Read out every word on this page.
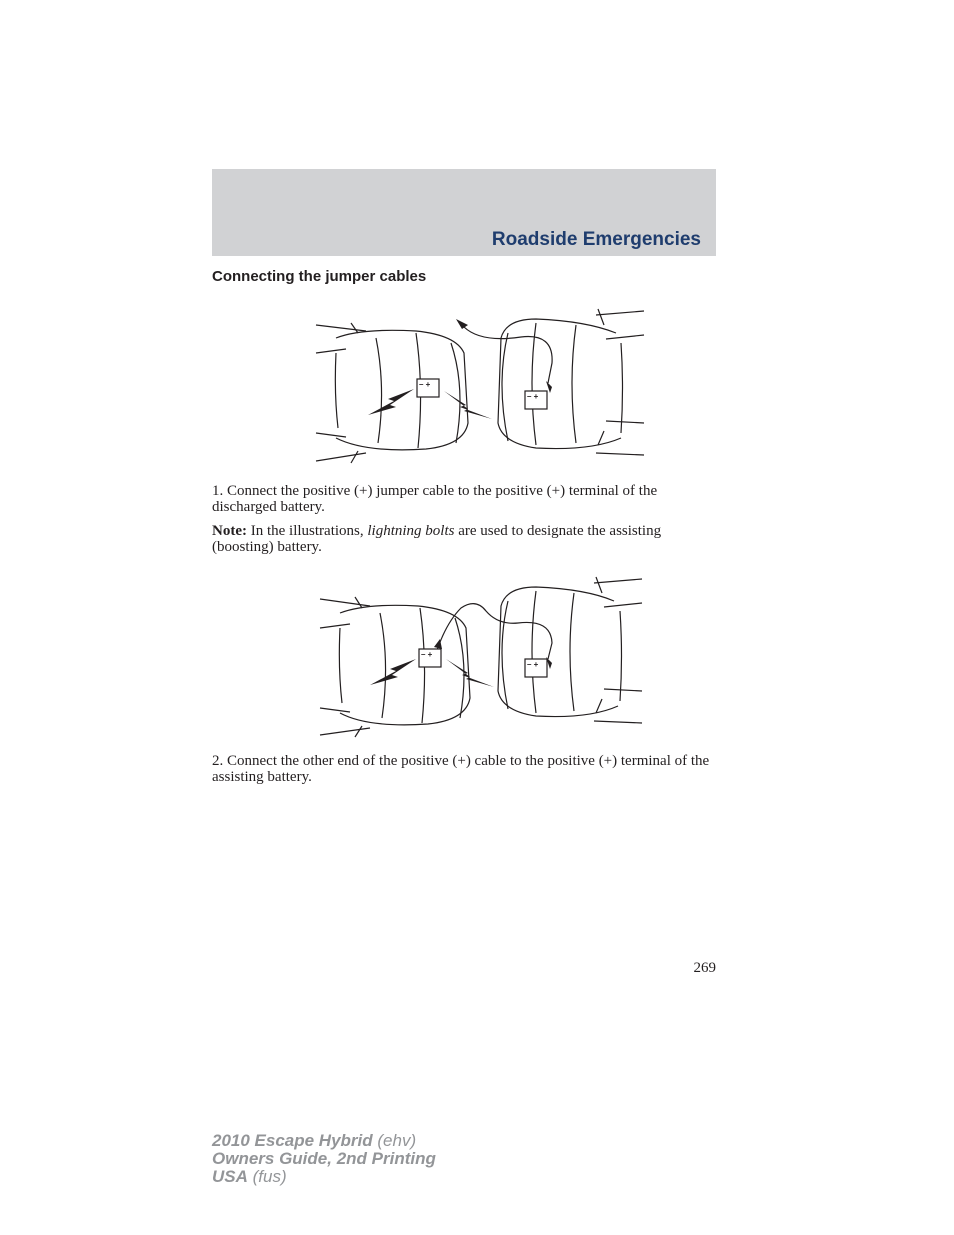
Roadside Emergencies
Connecting the jumper cables
– +
– +
1. Connect the positive (+) jumper cable to the positive (+) terminal of the discharged battery.
Note: In the illustrations, lightning bolts are used to designate the assisting (boosting) battery.
– +
– +
2. Connect the other end of the positive (+) cable to the positive (+) terminal of the assisting battery.
269
2010 Escape Hybrid (ehv)
Owners Guide, 2nd Printing
USA (fus)
